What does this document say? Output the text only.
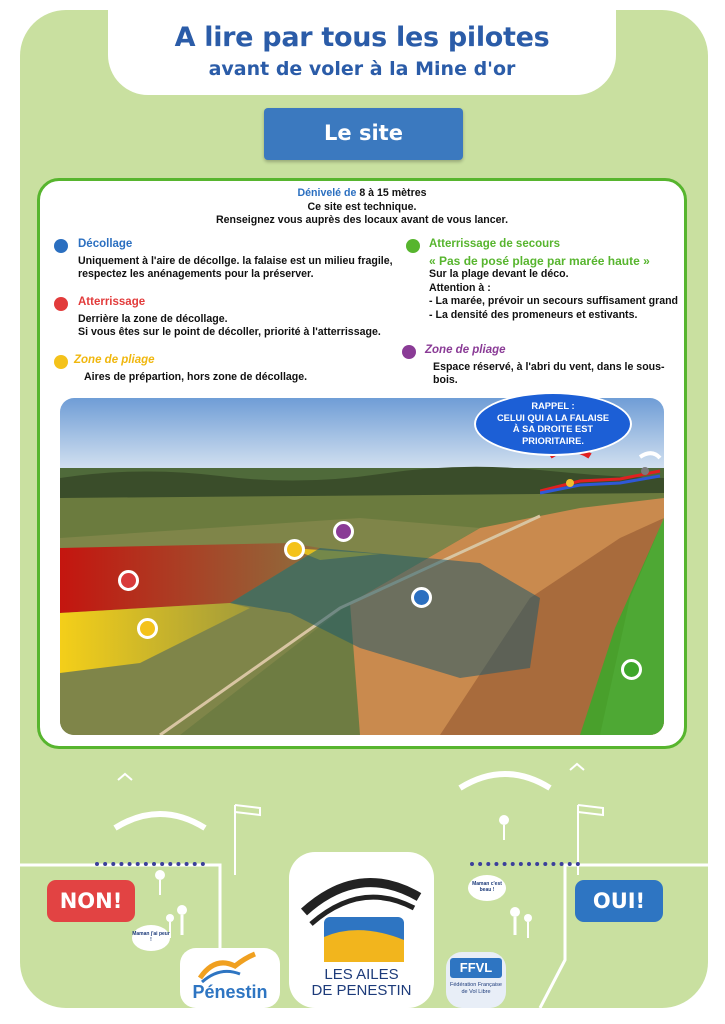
A lire par tous les pilotes
avant de voler à la Mine d'or
Le site
Dénivelé de 8 à 15 mètres
Ce site est technique.
Renseignez vous auprès des locaux avant de vous lancer.
Décollage
Uniquement à l'aire de décollge. la falaise est un milieu fragile,
respectez les anénagements pour la préserver.
Atterrissage
Derrière la zone de décollage.
Si vous êtes sur le point de décoller, priorité à l'atterrissage.
Zone de pliage
Aires de prépartion, hors zone de décollage.
Atterrissage de secours
« Pas de posé plage par marée haute »
Sur la plage devant le déco.
Attention à :
- La marée, prévoir un secours suffisament grand
- La densité des promeneurs et estivants.
Zone de pliage
Espace réservé, à l'abri du vent, dans le sous-bois.
RAPPEL :
CELUI QUI A LA FALAISE
À SA DROITE EST
PRIORITAIRE.
NON!	OUI!
Maman j'ai peur !
Maman c'est beau !
Pénestin
LES AILES
DE PENESTIN
FFVL
Fédération Française de Vol Libre
